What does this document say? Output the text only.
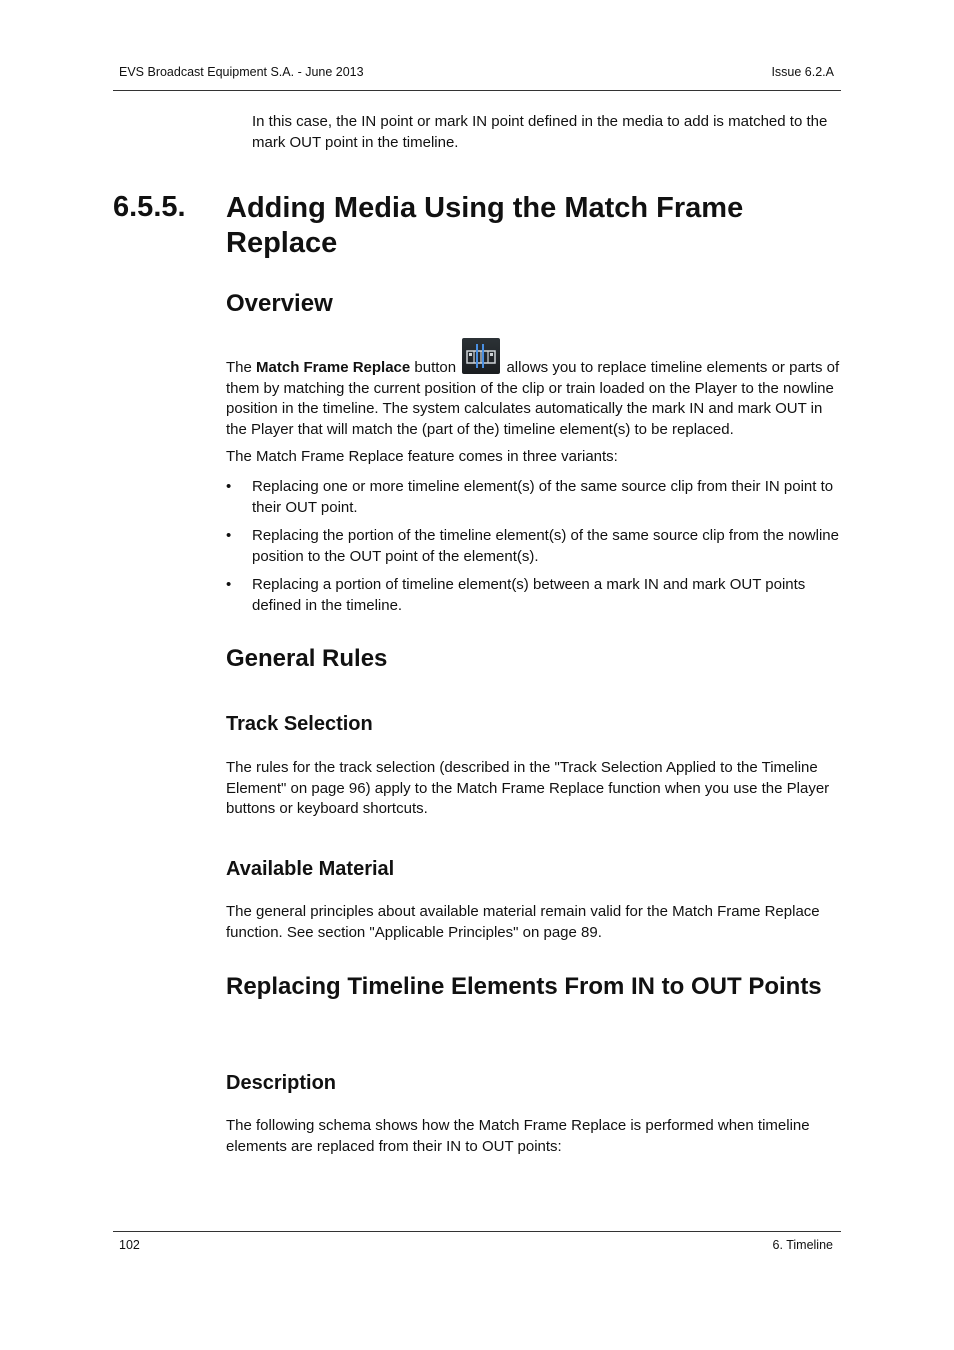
EVS Broadcast Equipment S.A. - June 2013	Issue 6.2.A
In this case, the IN point or mark IN point defined in the media to add is matched to the mark OUT point in the timeline.
6.5.5. Adding Media Using the Match Frame Replace
Overview
The Match Frame Replace button	allows you to replace timeline elements or parts of them by matching the current position of the clip or train loaded on the Player to the nowline position in the timeline. The system calculates automatically the mark IN and mark OUT in the Player that will match the (part of the) timeline element(s) to be replaced.
The Match Frame Replace feature comes in three variants:
• Replacing one or more timeline element(s) of the same source clip from their IN point to their OUT point.
• Replacing the portion of the timeline element(s) of the same source clip from the nowline position to the OUT point of the element(s).
• Replacing a portion of timeline element(s) between a mark IN and mark OUT points defined in the timeline.
General Rules
Track Selection
The rules for the track selection (described in the "Track Selection Applied to the Timeline Element" on page 96) apply to the Match Frame Replace function when you use the Player buttons or keyboard shortcuts.
Available Material
The general principles about available material remain valid for the Match Frame Replace function. See section "Applicable Principles" on page 89.
Replacing Timeline Elements From IN to OUT Points
Description
The following schema shows how the Match Frame Replace is performed when timeline elements are replaced from their IN to OUT points:
102	6. Timeline
